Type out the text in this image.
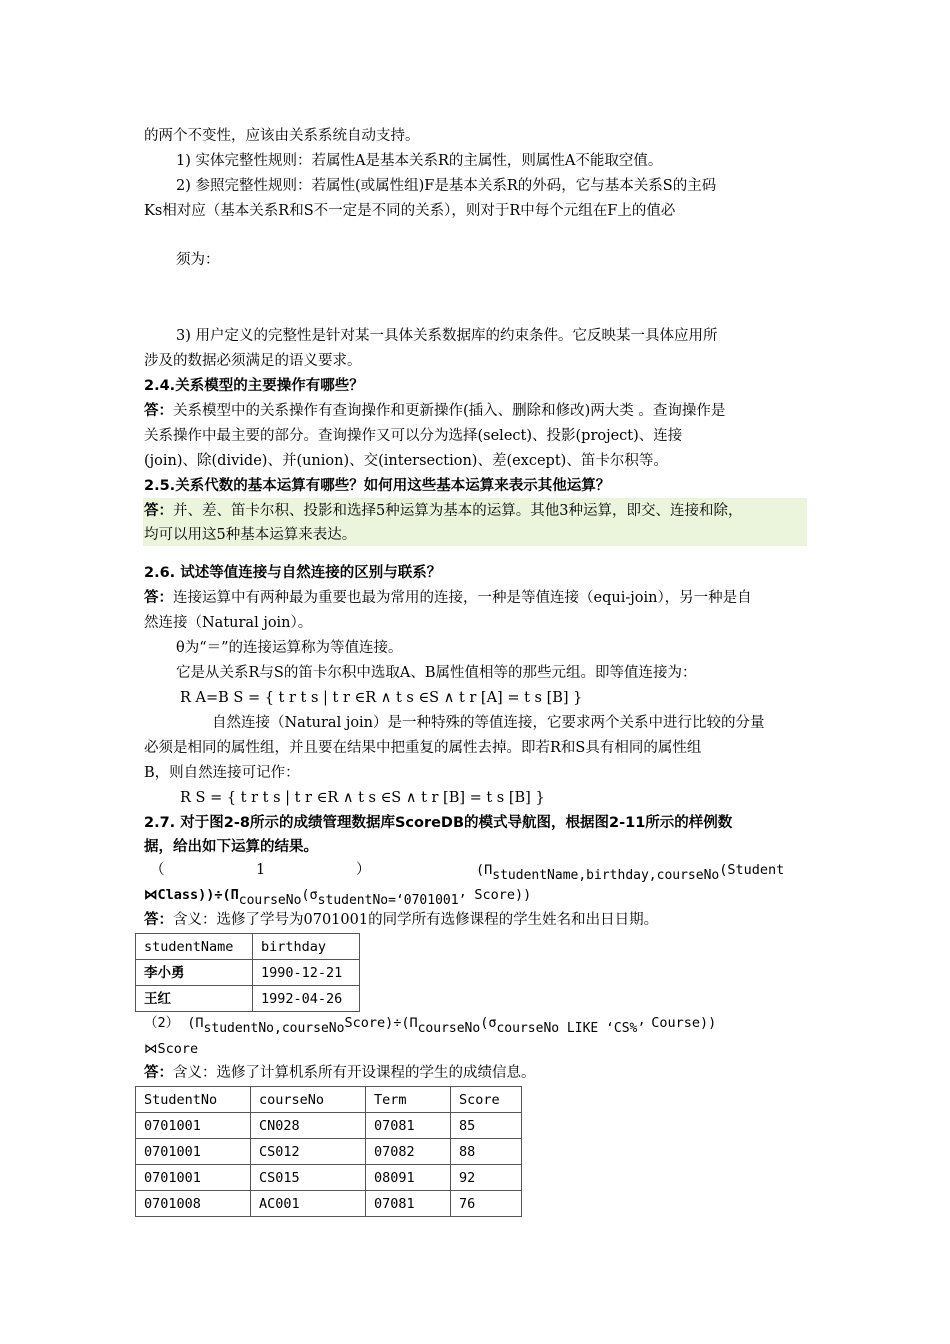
的两个不变性，应该由关系系统自动支持。
1) 实体完整性规则：若属性A是基本关系R的主属性，则属性A不能取空值。
2) 参照完整性规则：若属性(或属性组)F是基本关系R的外码，它与基本关系S的主码
Ks相对应（基本关系R和S不一定是不同的关系），则对于R中每个元组在F上的值必
须为：
3) 用户定义的完整性是针对某一具体关系数据库的约束条件。它反映某一具体应用所
涉及的数据必须满足的语义要求。
2.4.关系模型的主要操作有哪些？
答：关系模型中的关系操作有查询操作和更新操作(插入、删除和修改)两大类 。查询操作是
关系操作中最主要的部分。查询操作又可以分为选择(select)、投影(project)、连接
(join)、除(divide)、并(union)、交(intersection)、差(except)、笛卡尔积等。
2.5.关系代数的基本运算有哪些？如何用这些基本运算来表示其他运算？
答：并、差、笛卡尔积、投影和选择5种运算为基本的运算。其他3种运算，即交、连接和除，
均可以用这5种基本运算来表达。
2.6. 试述等值连接与自然连接的区别与联系？
答：连接运算中有两种最为重要也最为常用的连接，一种是等值连接（equi-join），另一种是自
然连接（Natural join）。
θ为“＝”的连接运算称为等值连接。
它是从关系R与S的笛卡尔积中选取A、B属性值相等的那些元组。即等值连接为：
R A=B S = { t r t s | t r ∈R ∧ t s ∈S ∧ t r [A] = t s [B] }
自然连接（Natural join）是一种特殊的等值连接，它要求两个关系中进行比较的分量
必须是相同的属性组，并且要在结果中把重复的属性去掉。即若R和S具有相同的属性组
B，则自然连接可记作：
R S = { t r t s | t r ∈R ∧ t s ∈S ∧ t r [B] = t s [B] }
2.7. 对于图2-8所示的成绩管理数据库ScoreDB的模式导航图，根据图2-11所示的样例数
据，给出如下运算的结果。
（	1	）	(ΠstudentName,birthday,courseNo(Student
⋈Class))÷(ΠcourseNo(σstudentNo=‘0701001’ Score))
答：含义：选修了学号为0701001的同学所有选修课程的学生姓名和出日日期。
studentName	birthday
李小勇	1990-12-21
王红	1992-04-26
（2） (ΠstudentNo,courseNoScore)÷(ΠcourseNo(σcourseNo LIKE ‘CS%’ Course))
⋈Score
答：含义：选修了计算机系所有开设课程的学生的成绩信息。
StudentNo	courseNo	Term	Score
0701001	CN028	07081	85
0701001	CS012	07082	88
0701001	CS015	08091	92
0701008	AC001	07081	76
